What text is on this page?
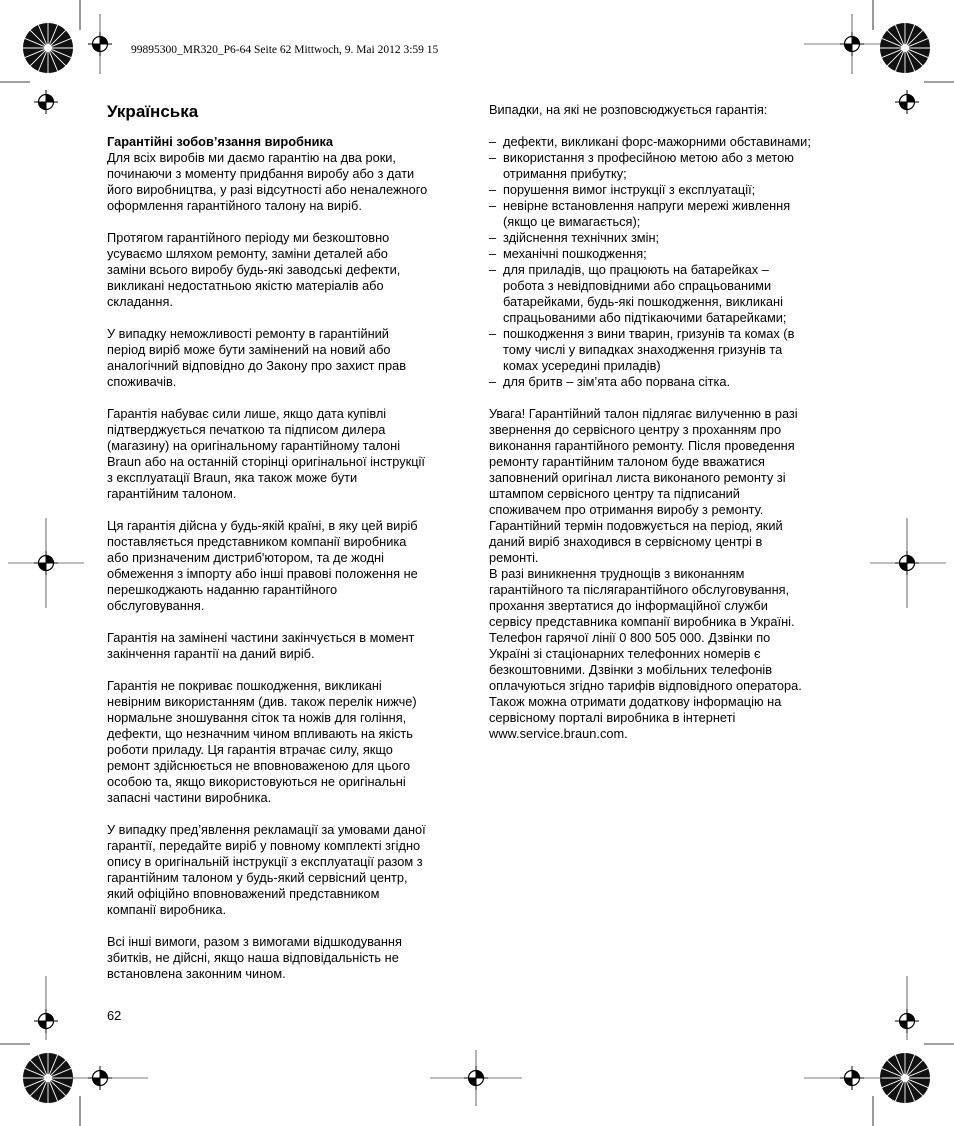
99895300_MR320_P6-64 Seite 62 Mittwoch, 9. Mai 2012 3:59 15
Українська

Гарантійні зобов’язання виробника

Для всіх виробів ми даємо гарантію на два роки,
починаючи з моменту придбання виробу або з дати
його виробництва, у разі відсутності або неналежного
оформлення гарантійного талону на виріб.
Протягом гарантійного періоду ми безкоштовно
усуваємо шляхом ремонту, заміни деталей або
заміни всього виробу будь-які заводські дефекти,
викликані недостатньою якістю матеріалів або
складання.
У випадку неможливості ремонту в гарантійний
період виріб може бути замінений на новий або
аналогічний відповідно до Закону про захист прав
споживачів.
Гарантія набуває сили лише, якщо дата купівлі
підтверджується печаткою та підписом дилера
(магазину) на оригінальному гарантійному талоні
Braun або на останній сторінці оригінальної інструкції
з експлуатації Braun, яка також може бути
гарантійним талоном.
Ця гарантія дійсна у будь-якій країні, в яку цей виріб
поставляється представником компанії виробника
або призначеним дистриб'ютором, та де жодні
обмеження з імпорту або інші правові положення не
перешкоджають наданню гарантійного
обслуговування.
Гарантія на замінені частини закінчується в момент
закінчення гарантії на даний виріб.
Гарантія не покриває пошкодження, викликані
невірним використанням (див. також перелік нижче)
нормальне зношування сіток та ножів для гоління,
дефекти, що незначним чином впливають на якість
роботи приладу. Ця гарантія втрачає силу, якщо
ремонт здійснюється не вповноваженою для цього
особою та, якщо використовуються не оригінальні
запасні частини виробника.
У випадку пред’явлення рекламації за умовами даної
гарантії, передайте виріб у повному комплекті згідно
опису в оригінальній інструкції з експлуатації разом з
гарантійним талоном у будь-який сервісний центр,
який офіційно вповноважений представником
компанії виробника.
Всі інші вимоги, разом з вимогами відшкодування
збитків, не дійсні, якщо наша відповідальність не
встановлена законним чином.

Випадки, на які не розповсюджується гарантія:

– дефекти, викликані форс-мажорними обставинами;
– використання з професійною метою або з метою
отримання прибутку;
– порушення вимог інструкції з експлуатації;
– невірне встановлення напруги мережі живлення
(якщо це вимагається);
– здійснення технічних змін;
– механічні пошкодження;
– для приладів, що працюють на батарейках –
робота з невідповідними або спрацьованими
батарейками, будь-які пошкодження, викликані
спрацьованими або підтікаючими батарейками;
– пошкодження з вини тварин, гризунів та комах (в
тому числі у випадках знаходження гризунів та
комах усередині приладів)
– для бритв – зім’ята або порвана сітка.
Увага! Гарантійний талон підлягає вилученню в разі
звернення до сервісного центру з проханням про
виконання гарантійного ремонту. Після проведення
ремонту гарантійним талоном буде вважатися
заповнений оригінал листа виконаного ремонту зі
штампом сервісного центру та підписаний
споживачем про отримання виробу з ремонту.
Гарантійний термін подовжується на період, який
даний виріб знаходився в сервісному центрі в
ремонті.
В разі виникнення труднощів з виконанням
гарантійного та післягарантійного обслуговування,
прохання звертатися до інформаційної служби
сервісу представника компанії виробника в Україні.
Телефон гарячої лінії 0 800 505 000. Дзвінки по
Україні зі стаціонарних телефонних номерів є
безкоштовними. Дзвінки з мобільних телефонів
оплачуються згідно тарифів відповідного оператора.
Також можна отримати додаткову інформацію на
сервісному порталі виробника в інтернеті
www.service.braun.com.
62
